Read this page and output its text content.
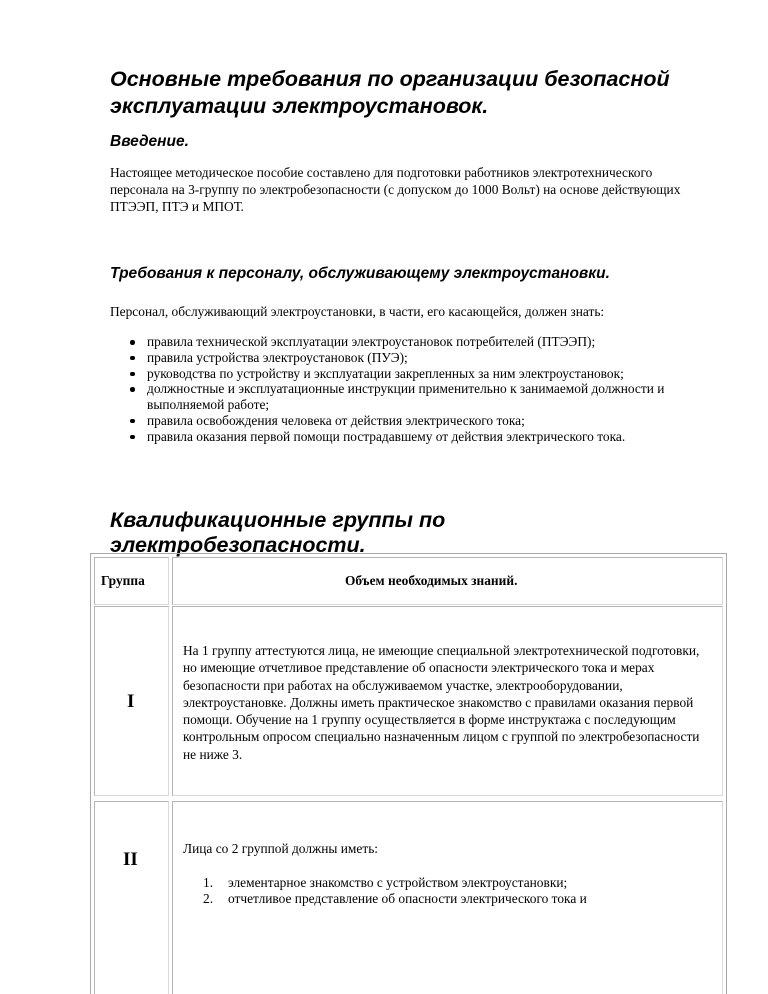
Основные требования по организации безопасной эксплуатации электроустановок.
Введение.

Настоящее методическое пособие составлено для подготовки работников электротехнического персонала на 3-группу по электробезопасности (с допуском до 1000 Вольт) на основе действующих ПТЭЭП, ПТЭ и МПОТ.

Требования к персоналу, обслуживающему электроустановки.

Персонал, обслуживающий электроустановки, в части, его касающейся, должен знать:

правила технической эксплуатации электроустановок потребителей (ПТЭЭП);
правила устройства электроустановок (ПУЭ);
руководства по устройству и эксплуатации закрепленных за ним электроустановок;
должностные и эксплуатационные инструкции применительно к занимаемой должности и выполняемой работе;
правила освобождения человека от действия электрического тока;
правила оказания первой помощи пострадавшему от действия электрического тока.
Квалификационные группы по электробезопасности.
Группа	Объем необходимых знаний.
I

На 1 группу аттестуются лица, не имеющие специальной электротехнической подготовки, но имеющие отчетливое представление об опасности электрического тока и мерах безопасности при работах на обслуживаемом участке, электрооборудовании, электроустановке. Должны иметь практическое знакомство с правилами оказания первой помощи. Обучение на 1 группу осуществляется в форме инструктажа с последующим контрольным опросом специально назначенным лицом с группой по электробезопасности не ниже 3.

II

Лица со 2 группой должны иметь:

1. элементарное знакомство с устройством электроустановки;
2. отчетливое представление об опасности электрического тока и
